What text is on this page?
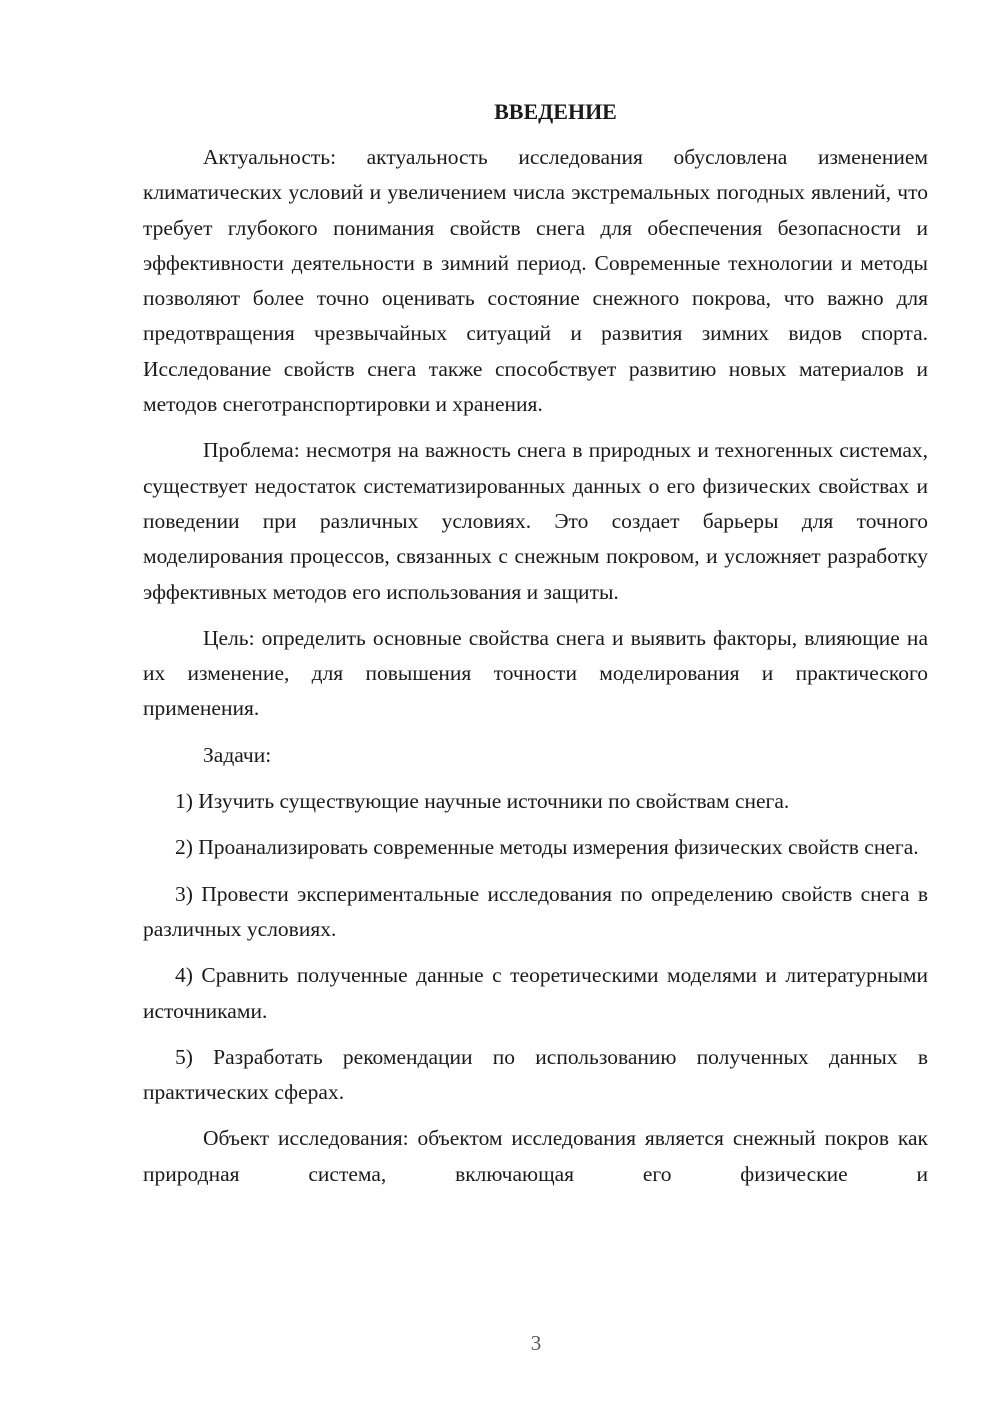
ВВЕДЕНИЕ

Актуальность: актуальность исследования обусловлена изменением климатических условий и увеличением числа экстремальных погодных явлений, что требует глубокого понимания свойств снега для обеспечения безопасности и эффективности деятельности в зимний период. Современные технологии и методы позволяют более точно оценивать состояние снежного покрова, что важно для предотвращения чрезвычайных ситуаций и развития зимних видов спорта. Исследование свойств снега также способствует развитию новых материалов и методов снеготранспортировки и хранения.

Проблема: несмотря на важность снега в природных и техногенных системах, существует недостаток систематизированных данных о его физических свойствах и поведении при различных условиях. Это создает барьеры для точного моделирования процессов, связанных с снежным покровом, и усложняет разработку эффективных методов его использования и защиты.

Цель: определить основные свойства снега и выявить факторы, влияющие на их изменение, для повышения точности моделирования и практического применения.

Задачи:

1) Изучить существующие научные источники по свойствам снега.

2) Проанализировать современные методы измерения физических свойств снега.

3) Провести экспериментальные исследования по определению свойств снега в различных условиях.

4) Сравнить полученные данные с теоретическими моделями и литературными источниками.

5) Разработать рекомендации по использованию полученных данных в практических сферах.

Объект исследования: объектом исследования является снежный покров как природная система, включающая его физические и

3
